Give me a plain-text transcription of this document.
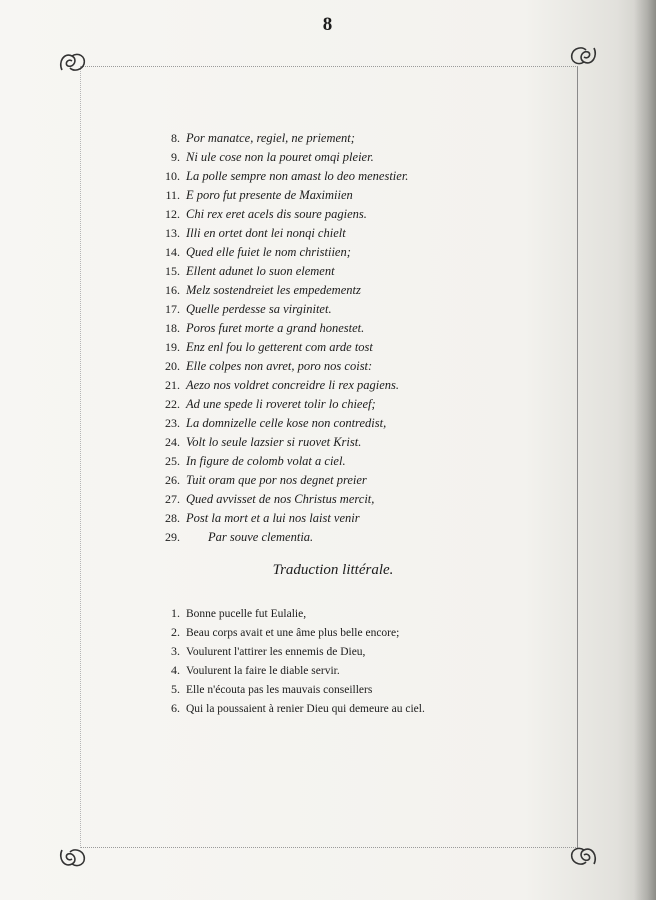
8
8. Por manatce, regiel, ne priement;
9. Ni ule cose non la pouret omqi pleier.
10. La polle sempre non amast lo deo menestier.
11. E poro fut presente de Maximiien
12. Chi rex eret acels dis soure pagiens.
13. Illi en ortet dont lei nonqi chielt
14. Qued elle fuiet le nom christiien;
15. Ellent adunet lo suon element
16. Melz sostendreiet les empedementz
17. Quelle perdesse sa virginitet.
18. Poros furet morte a grand honestet.
19. Enz enl fou lo getterent com arde tost
20. Elle colpes non avret, poro nos coist:
21. Aezo nos voldret concreidre li rex pagiens.
22. Ad une spede li roveret tolir lo chieef;
23. La domnizelle celle kose non contredist,
24. Volt lo seule lazsier si ruovet Krist.
25. In figure de colomb volat a ciel.
26. Tuit oram que por nos degnet preier
27. Qued avvisset de nos Christus mercit,
28. Post la mort et a lui nos laist venir
29. Par souve clementia.
Traduction littérale.
1. Bonne pucelle fut Eulalie,
2. Beau corps avait et une âme plus belle encore;
3. Voulurent l'attirer les ennemis de Dieu,
4. Voulurent la faire le diable servir.
5. Elle n'écouta pas les mauvais conseillers
6. Qui la poussaient à renier Dieu qui demeure au ciel.
